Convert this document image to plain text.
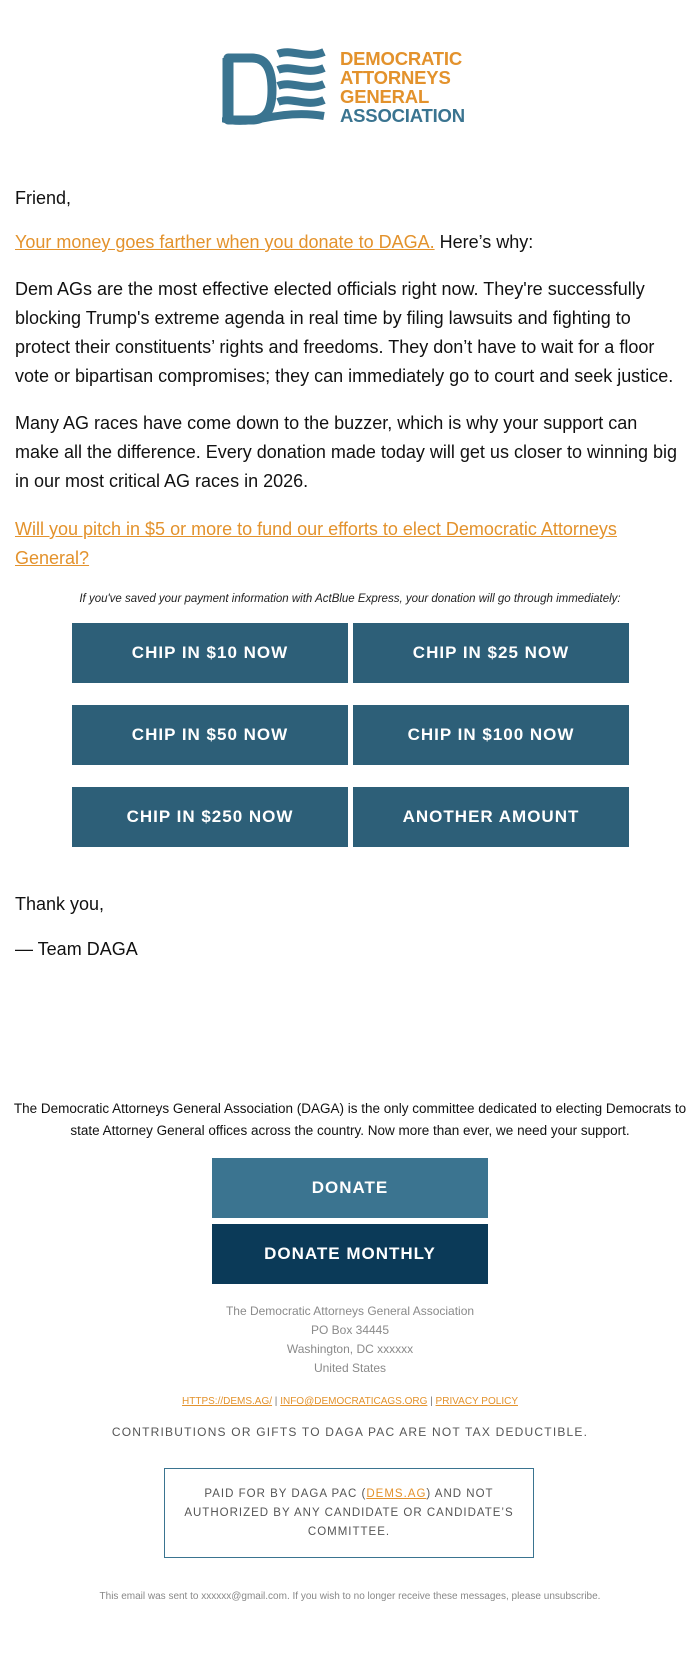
DEMOCRATIC
ATTORNEYS
GENERAL
ASSOCIATION

Friend,

Your money goes farther when you donate to DAGA. Here’s why:

Dem AGs are the most effective elected officials right now. They're successfully blocking Trump's extreme agenda in real time by filing lawsuits and fighting to protect their constituents’ rights and freedoms. They don’t have to wait for a floor vote or bipartisan compromises; they can immediately go to court and seek justice.

Many AG races have come down to the buzzer, which is why your support can make all the difference. Every donation made today will get us closer to winning big in our most critical AG races in 2026.

Will you pitch in $5 or more to fund our efforts to elect Democratic Attorneys General?

If you've saved your payment information with ActBlue Express, your donation will go through immediately:
CHIP IN $10 NOW	CHIP IN $25 NOW
CHIP IN $50 NOW	CHIP IN $100 NOW
CHIP IN $250 NOW	ANOTHER AMOUNT

Thank you,

— Team DAGA

The Democratic Attorneys General Association (DAGA) is the only committee dedicated to electing Democrats to state Attorney General offices across the country. Now more than ever, we need your support.
DONATE
DONATE MONTHLY
The Democratic Attorneys General Association
PO Box 34445
Washington, DC xxxxxx
United States
HTTPS://DEMS.AG/ | INFO@DEMOCRATICAGS.ORG | PRIVACY POLICY
CONTRIBUTIONS OR GIFTS TO DAGA PAC ARE NOT TAX DEDUCTIBLE.
PAID FOR BY DAGA PAC (DEMS.AG) AND NOT AUTHORIZED BY ANY CANDIDATE OR CANDIDATE’S COMMITTEE.
This email was sent to xxxxxx@gmail.com. If you wish to no longer receive these messages, please unsubscribe.
